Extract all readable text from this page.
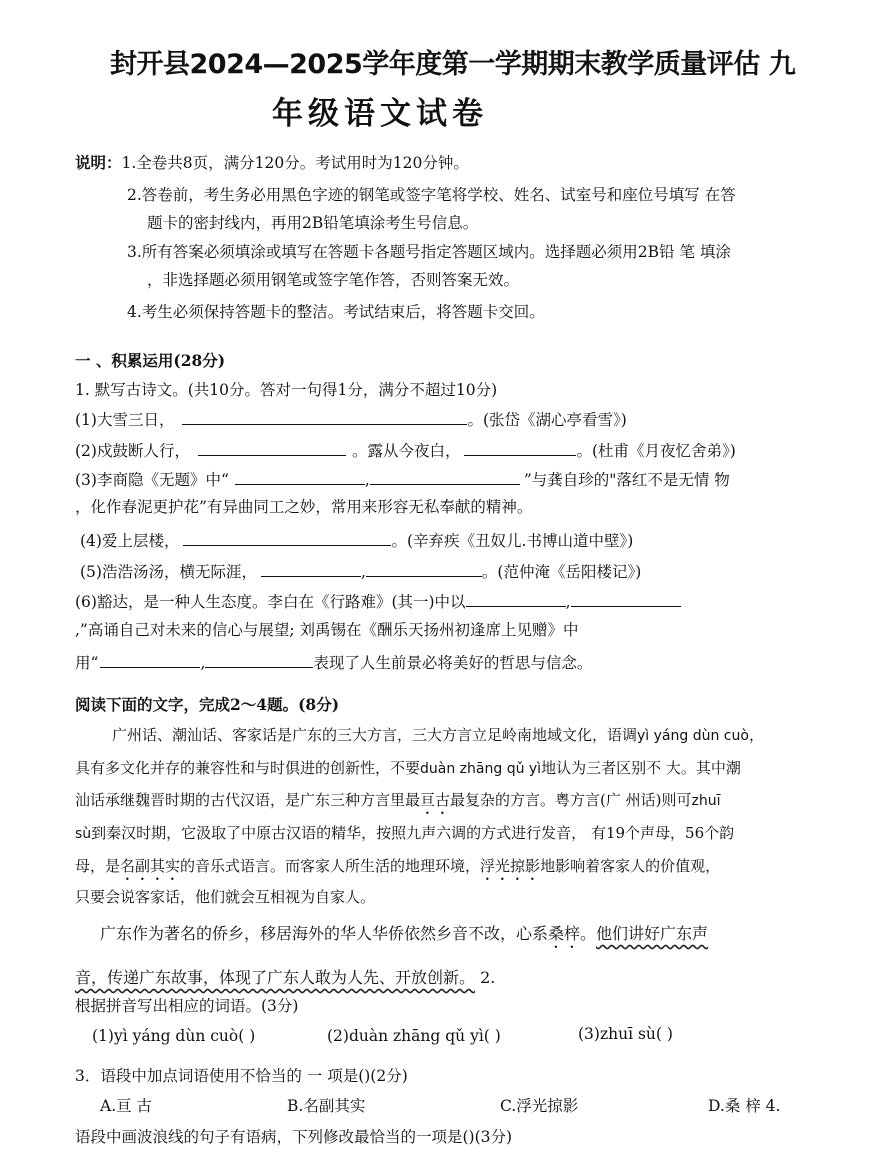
封开县2024—2025学年度第一学期期末教学质量评估 九
年级语文试卷
说明：1.全卷共8页，满分120分。考试用时为120分钟。
2.答卷前，考生务必用黑色字迹的钢笔或签字笔将学校、姓名、试室号和座位号填写 在答
题卡的密封线内，再用2B铅笔填涂考生号信息。
3.所有答案必须填涂或填写在答题卡各题号指定答题区域内。选择题必须用2B铅 笔 填涂
，非选择题必须用钢笔或签字笔作答，否则答案无效。
4.考生必须保持答题卡的整洁。考试结束后，将答题卡交回。
一 、积累运用(28分)
1. 默写古诗文。(共10分。答对一句得1分，满分不超过10分)
(1)大雪三日，	。(张岱《湖心亭看雪》)
(2)戍鼓断人行，	。露从今夜白，	。(杜甫《月夜忆舍弟》)
(3)李商隐《无题》中“	,	”与龚自珍的"落红不是无情 物
，化作春泥更护花”有异曲同工之妙，常用来形容无私奉献的精神。
(4)爱上层楼，	。(辛弃疾《丑奴儿.书博山道中壁》)
(5)浩浩汤汤，横无际涯，	,	。(范仲淹《岳阳楼记》)
(6)豁达，是一种人生态度。李白在《行路难》(其一)中以	,
,”高诵自己对未来的信心与展望; 刘禹锡在《酬乐天扬州初逢席上见赠》中
用“	,	表现了人生前景必将美好的哲思与信念。
阅读下面的文字，完成2～4题。(8分)
广州话、潮汕话、客家话是广东的三大方言，三大方言立足岭南地域文化，语调yì yáng dùn cuò，
具有多文化并存的兼容性和与时俱进的创新性，不要duàn zhāng qǔ yì地认为三者区别不 大。其中潮
汕话承继魏晋时期的古代汉语，是广东三种方言里最亘古最复杂的方言。粤方言(广 州话)则可zhuī
sù到秦汉时期，它汲取了中原古汉语的精华，按照九声六调的方式进行发音， 有19个声母，56个韵
母，是名副其实的音乐式语言。而客家人所生活的地理环境，浮光掠影地影响着客家人的价值观，
只要会说客家话，他们就会互相视为自家人。
广东作为著名的侨乡，移居海外的华人华侨依然乡音不改，心系桑梓。他们讲好广东声
音，传递广东故事，体现了广东人敢为人先、开放创新。 2.
根据拼音写出相应的词语。(3分)
(1)yì yáng dùn cuò( )	(2)duàn zhāng qǔ yì( )	(3)zhuī sù( )
3．语段中加点词语使用不恰当的 一 项是()(2分)
A.亘 古	B.名副其实	C.浮光掠影	D.桑 梓 4.
语段中画波浪线的句子有语病，下列修改最恰当的一项是()(3分)
